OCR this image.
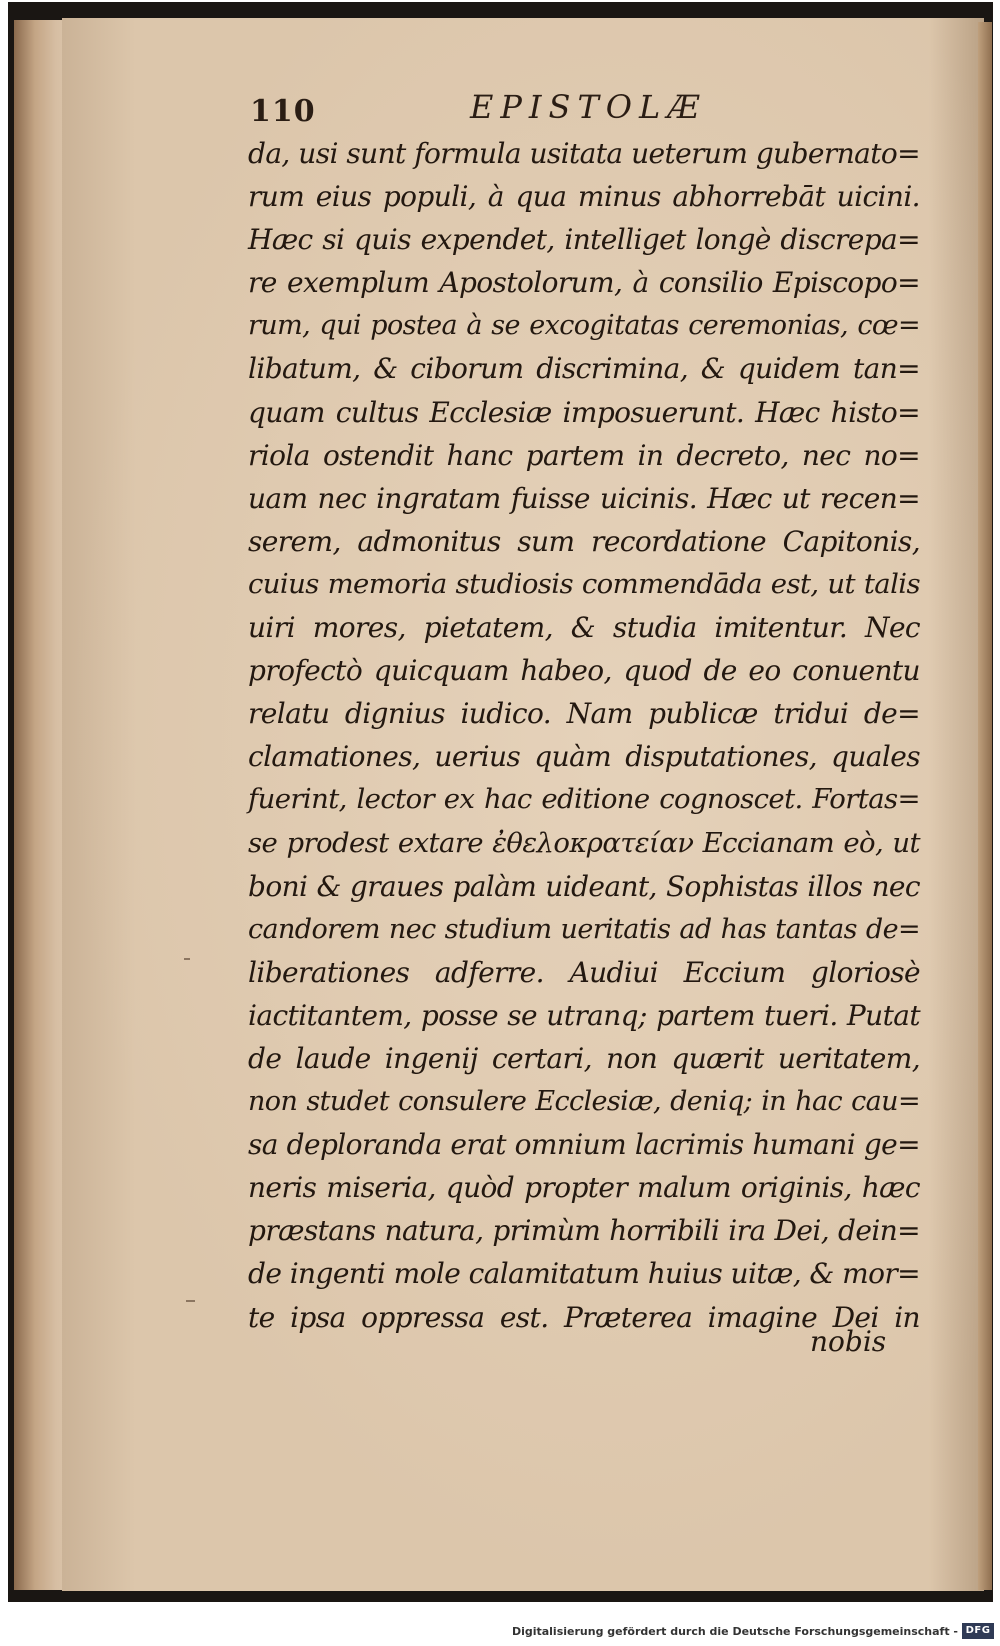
110	EPISTOLÆ
da, usi sunt formula usitata ueterum gubernato=
rum eius populi, à qua minus abhorrebāt uicini.
Hæc si quis expendet, intelliget longè discrepa=
re exemplum Apostolorum, à consilio Episcopo=
rum, qui postea à se excogitatas ceremonias, cœ=
libatum, & ciborum discrimina, & quidem tan=
quam cultus Ecclesiæ imposuerunt. Hæc histo=
riola ostendit hanc partem in decreto, nec no=
uam nec ingratam fuisse uicinis. Hæc ut recen=
serem, admonitus sum recordatione Capitonis,
cuius memoria studiosis commendāda est, ut talis
uiri mores, pietatem, & studia imitentur. Nec
profectò quicquam habeo, quod de eo conuentu
relatu dignius iudico. Nam publicæ tridui de=
clamationes, uerius quàm disputationes, quales
fuerint, lector ex hac editione cognoscet. Fortas=
se prodest extare ἐθελοκρατείαν Eccianam eò, ut
boni & graues palàm uideant, Sophistas illos nec
candorem nec studium ueritatis ad has tantas de=
liberationes adferre. Audiui Eccium gloriosè
iactitantem, posse se utranq; partem tueri. Putat
de laude ingenij certari, non quærit ueritatem,
non studet consulere Ecclesiæ, deniq; in hac cau=
sa deploranda erat omnium lacrimis humani ge=
neris miseria, quòd propter malum originis, hæc
præstans natura, primùm horribili ira Dei, dein=
de ingenti mole calamitatum huius uitæ, & mor=
te ipsa oppressa est. Præterea imagine Dei in
nobis
Digitalisierung gefördert durch die Deutsche Forschungsgemeinschaft - DFG
